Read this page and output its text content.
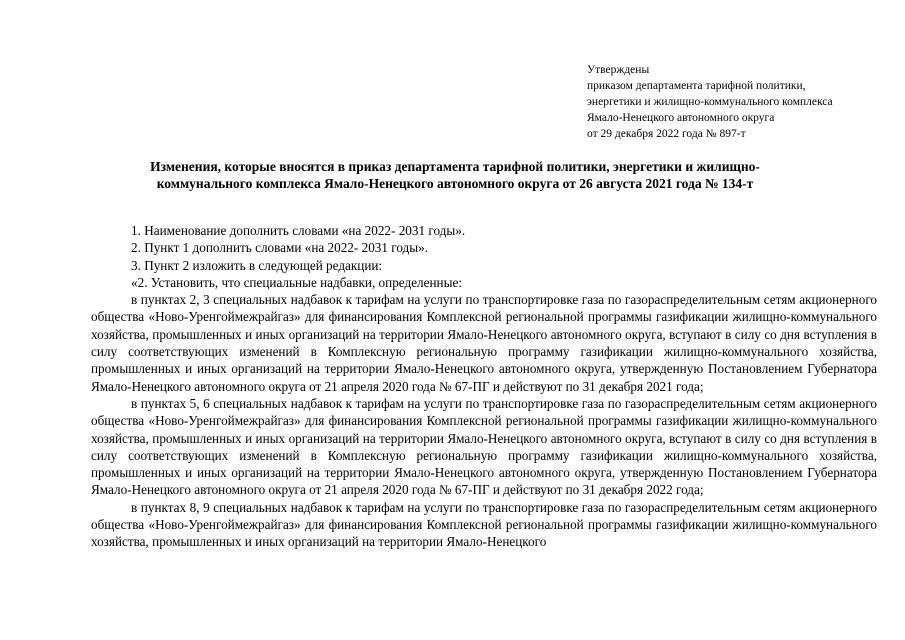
Утверждены
приказом департамента тарифной политики,
энергетики и жилищно-коммунального комплекса
Ямало-Ненецкого автономного округа
от 29 декабря 2022 года № 897-т
Изменения, которые вносятся в приказ департамента тарифной политики, энергетики и жилищно-
коммунального комплекса Ямало-Ненецкого автономного округа от 26 августа 2021 года № 134-т

1. Наименование дополнить словами «на 2022- 2031 годы».

2. Пункт 1 дополнить словами «на 2022- 2031 годы».

3. Пункт 2 изложить в следующей редакции:

«2. Установить, что специальные надбавки, определенные:

в пунктах 2, 3 специальных надбавок к тарифам на услуги по транспортировке газа по газораспределительным сетям акционерного общества «Ново-Уренгоймежрайгаз» для финансирования Комплексной региональной программы газификации жилищно-коммунального хозяйства, промышленных и иных организаций на территории Ямало-Ненецкого автономного округа, вступают в силу со дня вступления в силу соответствующих изменений в Комплексную региональную программу газификации жилищно-коммунального хозяйства, промышленных и иных организаций на территории Ямало-Ненецкого автономного округа, утвержденную Постановлением Губернатора Ямало-Ненецкого автономного округа от 21 апреля 2020 года № 67-ПГ и действуют по 31 декабря 2021 года;

в пунктах 5, 6 специальных надбавок к тарифам на услуги по транспортировке газа по газораспределительным сетям акционерного общества «Ново-Уренгоймежрайгаз» для финансирования Комплексной региональной программы газификации жилищно-коммунального хозяйства, промышленных и иных организаций на территории Ямало-Ненецкого автономного округа, вступают в силу со дня вступления в силу соответствующих изменений в Комплексную региональную программу газификации жилищно-коммунального хозяйства, промышленных и иных организаций на территории Ямало-Ненецкого автономного округа, утвержденную Постановлением Губернатора Ямало-Ненецкого автономного округа от 21 апреля 2020 года № 67-ПГ и действуют по 31 декабря 2022 года;

в пунктах 8, 9 специальных надбавок к тарифам на услуги по транспортировке газа по газораспределительным сетям акционерного общества «Ново-Уренгоймежрайгаз» для финансирования Комплексной региональной программы газификации жилищно-коммунального хозяйства, промышленных и иных организаций на территории Ямало-Ненецкого
